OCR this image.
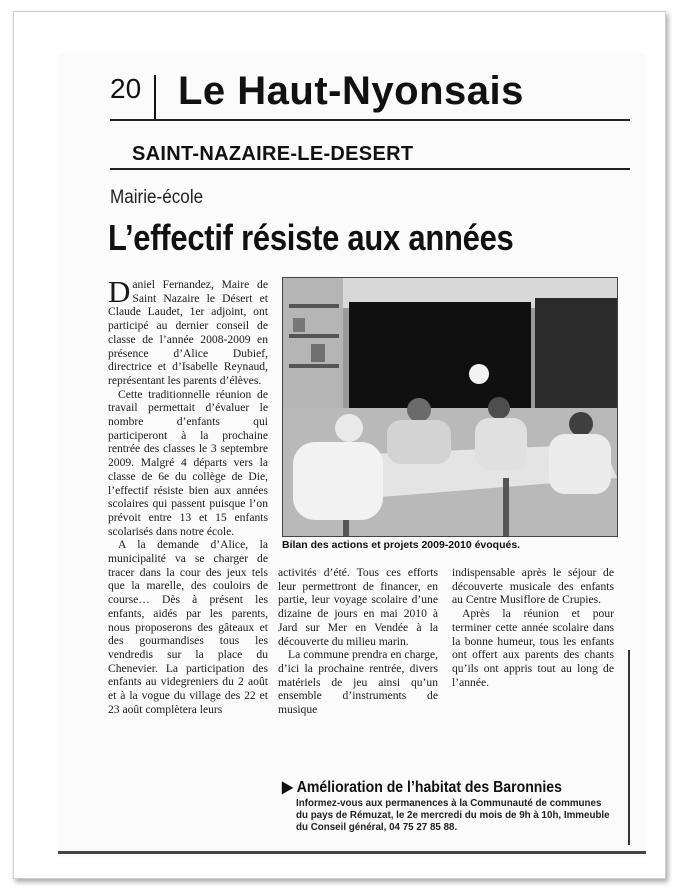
20 Le Haut-Nyonsais
SAINT-NAZAIRE-LE-DESERT
Mairie-école
L’effectif résiste aux années

Daniel Fernandez, Maire de Saint Nazaire le Désert et Claude Laudet, 1er adjoint, ont participé au dernier conseil de classe de l’année 2008-2009 en présence d’Alice Dubief, directrice et d’Isabelle Reynaud, représentant les parents d’élèves.

Cette traditionnelle réunion de travail permettait d’évaluer le nombre d’enfants qui participeront à la prochaine rentrée des classes le 3 septembre 2009. Malgré 4 départs vers la classe de 6e du collège de Die, l’effectif résiste bien aux années scolaires qui passent puisque l’on prévoit entre 13 et 15 enfants scolarisés dans notre école.

A la demande d’Alice, la municipalité va se charger de tracer dans la cour des jeux tels que la marelle, des couloirs de course… Dès à présent les enfants, aidés par les parents, nous proposerons des gâteaux et des gourmandises tous les vendredis sur la place du Chenevier. La participation des enfants au videgreniers du 2 août et à la vogue du village des 22 et 23 août complètera leurs

Bilan des actions et projets 2009-2010 évoqués.

activités d’été. Tous ces efforts leur permettront de financer, en partie, leur voyage scolaire d’une dizaine de jours en mai 2010 à Jard sur Mer en Vendée à la découverte du milieu marin.

La commune prendra en charge, d’ici la prochaine rentrée, divers matériels de jeu ainsi qu’un ensemble d’instruments de musique

indispensable après le séjour de découverte musicale des enfants au Centre Musiflore de Crupies.

Après la réunion et pour terminer cette année scolaire dans la bonne humeur, tous les enfants ont offert aux parents des chants qu’ils ont appris tout au long de l’année.

▶ Amélioration de l’habitat des Baronnies

Informez-vous aux permanences à la Communauté de communes du pays de Rémuzat, le 2e mercredi du mois de 9h à 10h, Immeuble du Conseil général, 04 75 27 85 88.
